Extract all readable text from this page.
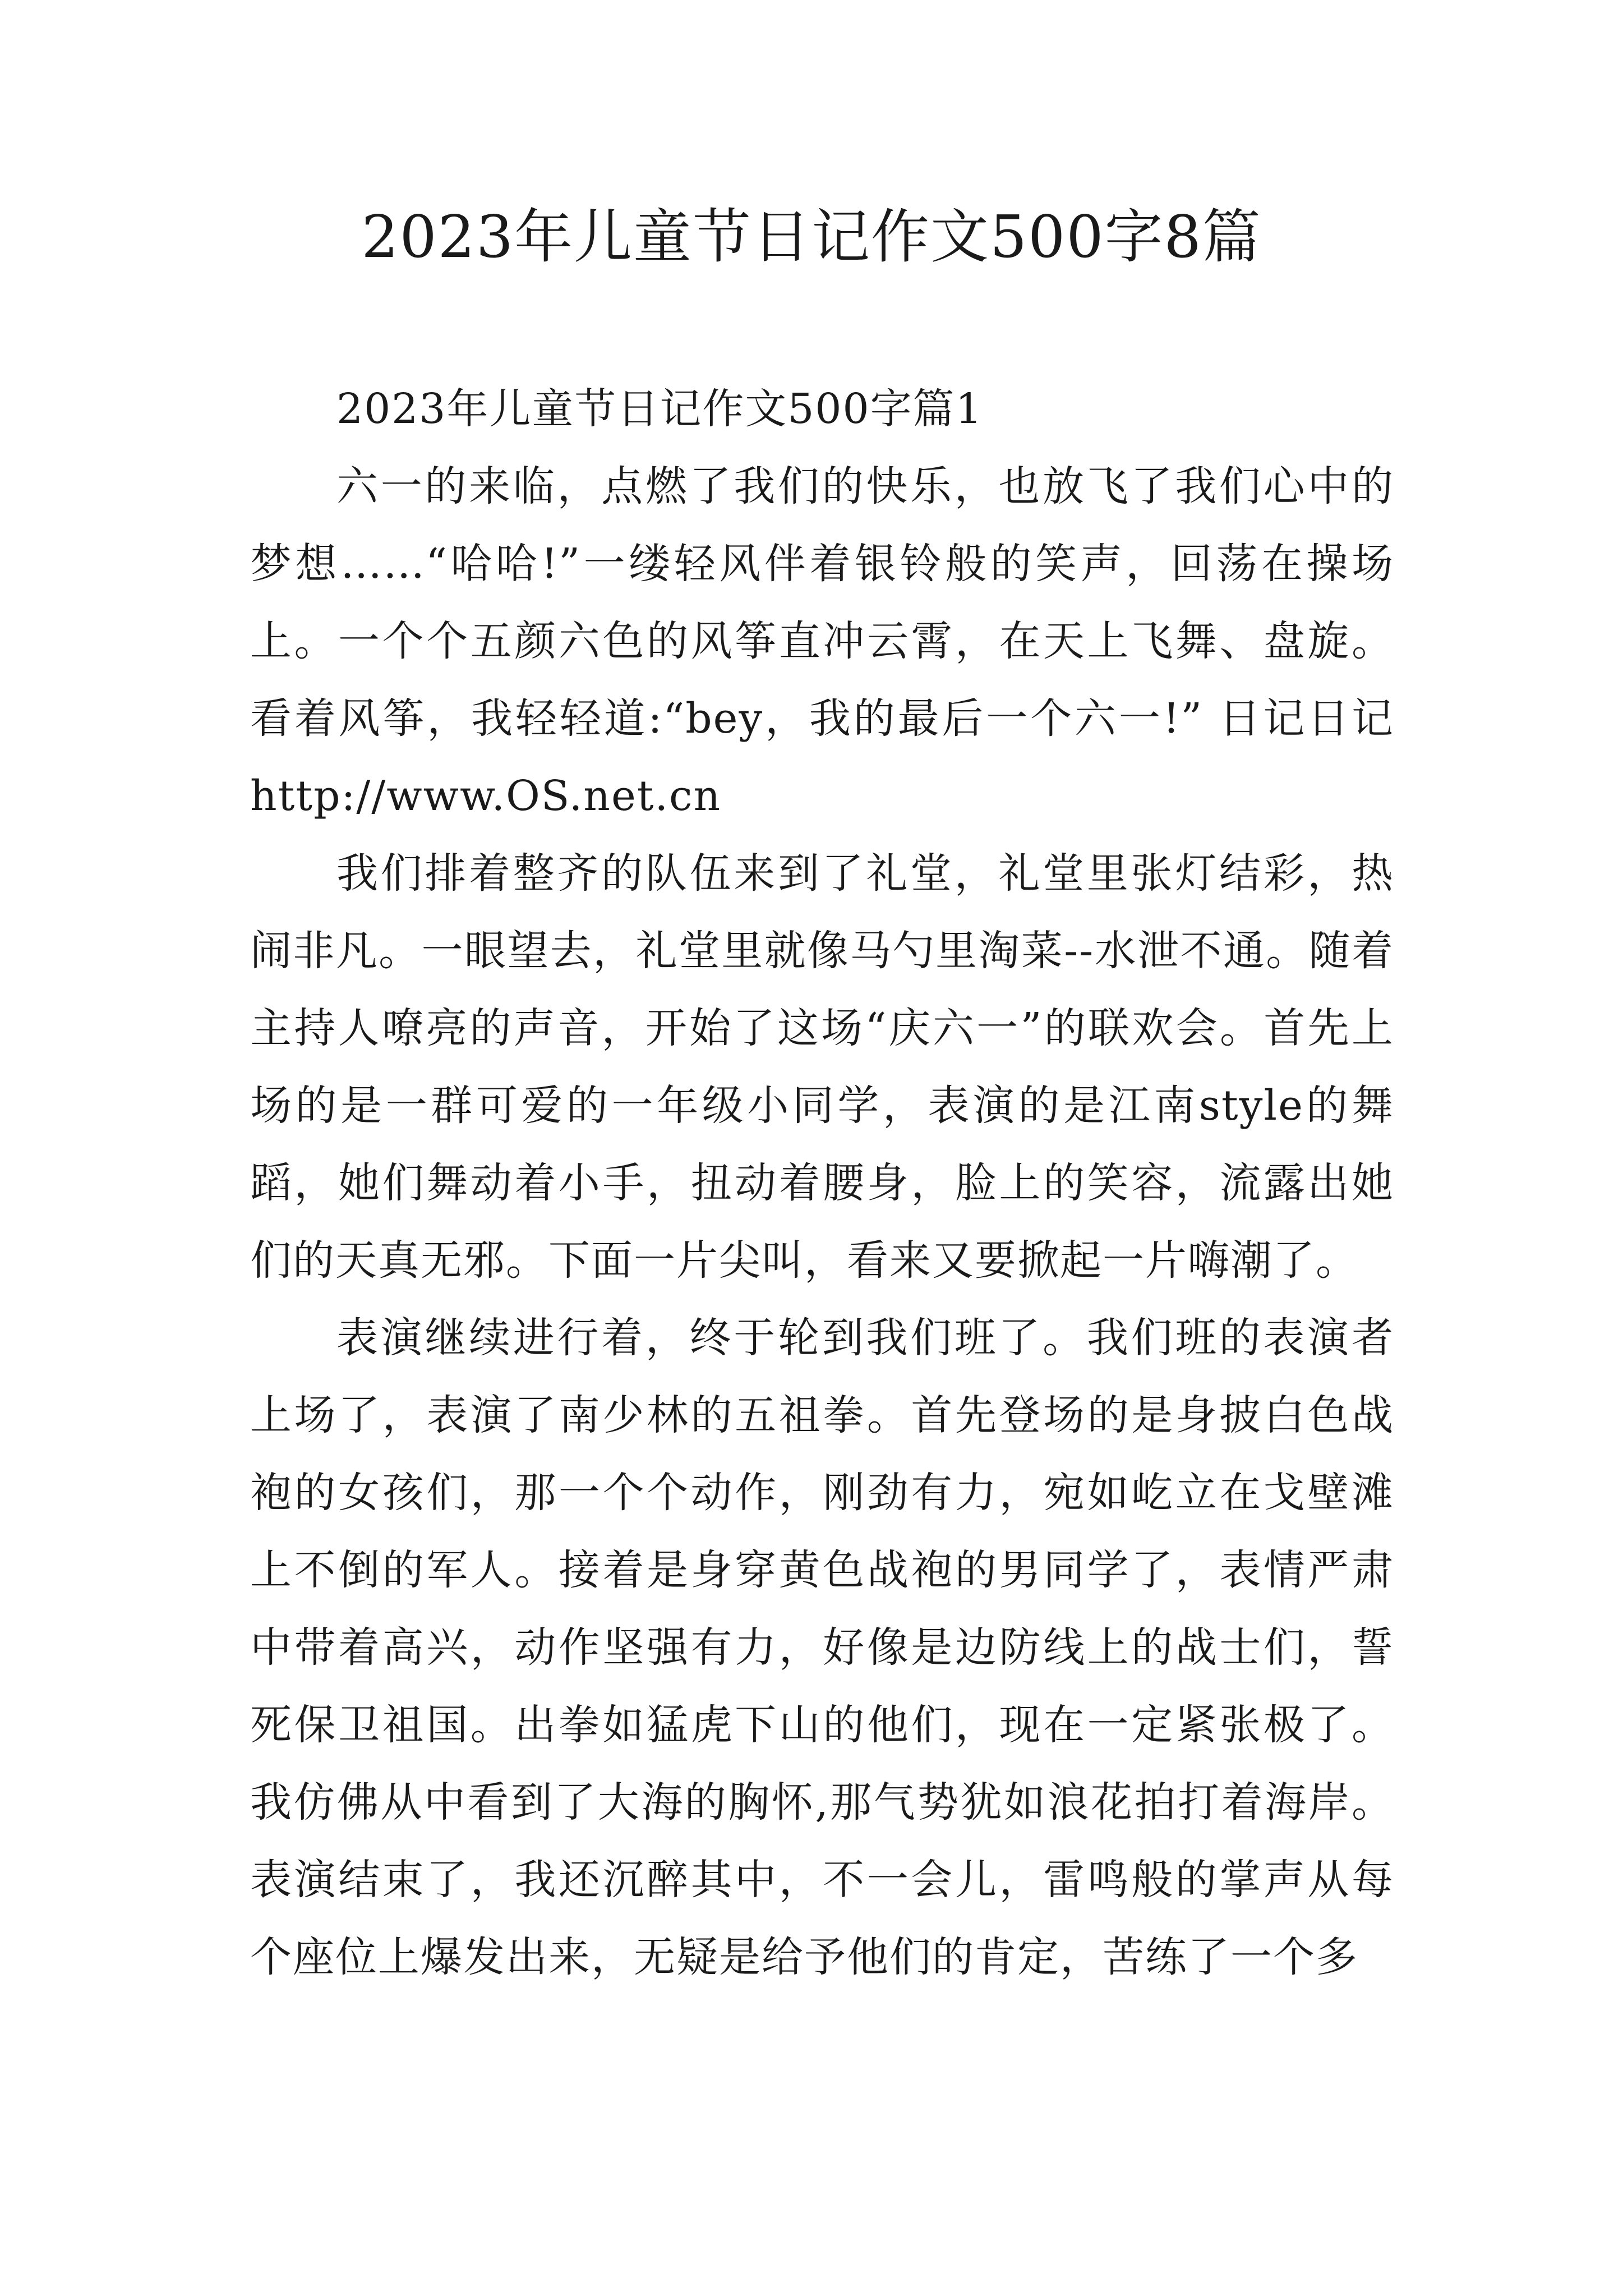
2023年儿童节日记作文500字8篇

2023年儿童节日记作文500字篇1

六一的来临，点燃了我们的快乐，也放飞了我们心中的梦想……“哈哈!”一缕轻风伴着银铃般的笑声，回荡在操场上。一个个五颜六色的风筝直冲云霄，在天上飞舞、盘旋。看着风筝，我轻轻道:“bey，我的最后一个六一!” 日记日记http://www.OS.net.cn

我们排着整齐的队伍来到了礼堂，礼堂里张灯结彩，热闹非凡。一眼望去，礼堂里就像马勺里淘菜--水泄不通。随着主持人嘹亮的声音，开始了这场“庆六一”的联欢会。首先上场的是一群可爱的一年级小同学，表演的是江南style的舞蹈，她们舞动着小手，扭动着腰身，脸上的笑容，流露出她们的天真无邪。下面一片尖叫，看来又要掀起一片嗨潮了。

表演继续进行着，终于轮到我们班了。我们班的表演者上场了，表演了南少林的五祖拳。首先登场的是身披白色战袍的女孩们，那一个个动作，刚劲有力，宛如屹立在戈壁滩上不倒的军人。接着是身穿黄色战袍的男同学了，表情严肃中带着高兴，动作坚强有力，好像是边防线上的战士们，誓死保卫祖国。出拳如猛虎下山的他们，现在一定紧张极了。我仿佛从中看到了大海的胸怀,那气势犹如浪花拍打着海岸。表演结束了，我还沉醉其中，不一会儿，雷鸣般的掌声从每个座位上爆发出来，无疑是给予他们的肯定，苦练了一个多
